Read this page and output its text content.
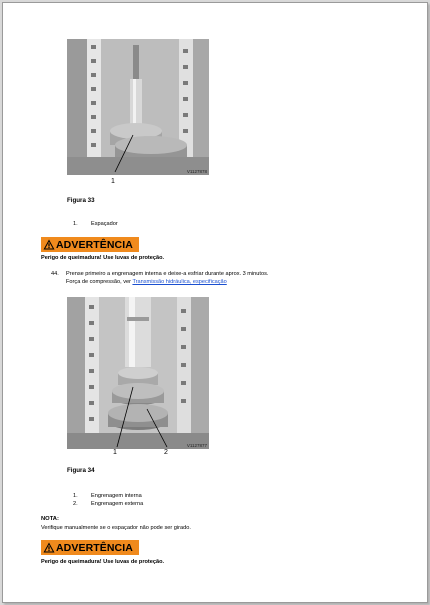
V1127878
1
Figura 33
1. Espaçador
ADVERTÊNCIA
Perigo de queimadura! Use luvas de proteção.
44. Prense primeiro a engrenagem interna e deixe-a esfriar durante aprox. 3 minutos.
Força de compressão, ver Transmissão hidráulica, especificação
V1127877
1	2
Figura 34
1. Engrenagem interna
2. Engrenagem externa
NOTA:
Verifique manualmente se o espaçador não pode ser girado.
ADVERTÊNCIA
Perigo de queimadura! Use luvas de proteção.
